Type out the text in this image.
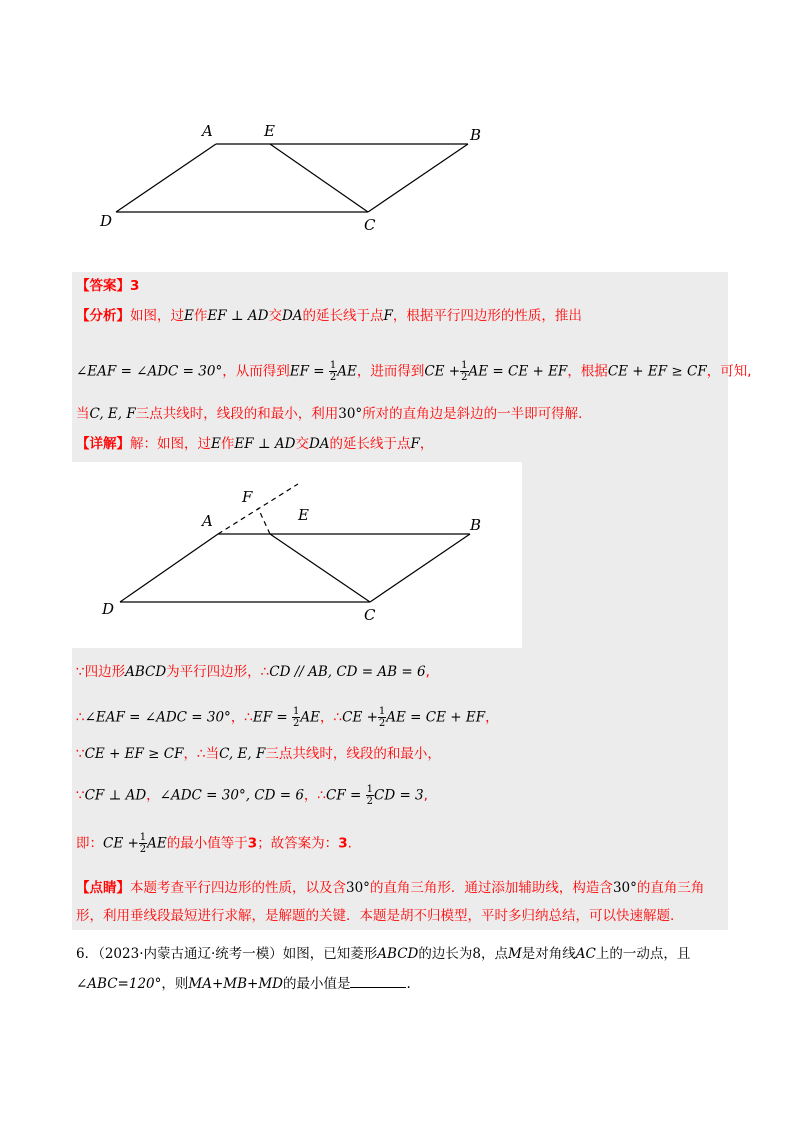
A	E	B
D	C
【答案】3
【分析】如图，过E作EF ⊥ AD交DA的延长线于点F，根据平行四边形的性质，推出
∠EAF = ∠ADC = 30°，从而得到EF = $\frac{1}{2}$ AE，进而得到CE + $\frac{1}{2}$ AE = CE + EF，根据CE + EF ≥ CF，可知,
当C, E, F三点共线时，线段的和最小，利用30°所对的直角边是斜边的一半即可得解.
【详解】解：如图，过E作EF ⊥ AD交DA的延长线于点F，
F
A	E
B
D	C
∵四边形ABCD为平行四边形，∴CD // AB, CD = AB = 6,
∴∠EAF = ∠ADC = 30°，∴EF = $\frac{1}{2}$ AE，∴CE + $\frac{1}{2}$ AE = CE + EF，
∵CE + EF ≥ CF，∴当C, E, F三点共线时，线段的和最小，
∵CF ⊥ AD，∠ADC = 30°, CD = 6，∴CF = $\frac{1}{2}$ CD = 3,
即：CE + $\frac{1}{2}$ AE的最小值等于3；故答案为：3.
【点睛】本题考查平行四边形的性质，以及含30°的直角三角形．通过添加辅助线，构造含30°的直角三角
形，利用垂线段最短进行求解，是解题的关键．本题是胡不归模型，平时多归纳总结，可以快速解题.
6．（2023·内蒙古通辽·统考一模）如图，已知菱形ABCD的边长为8，点M是对角线AC上的一动点，且
∠ABC=120°，则MA+MB+MD的最小值是	.
